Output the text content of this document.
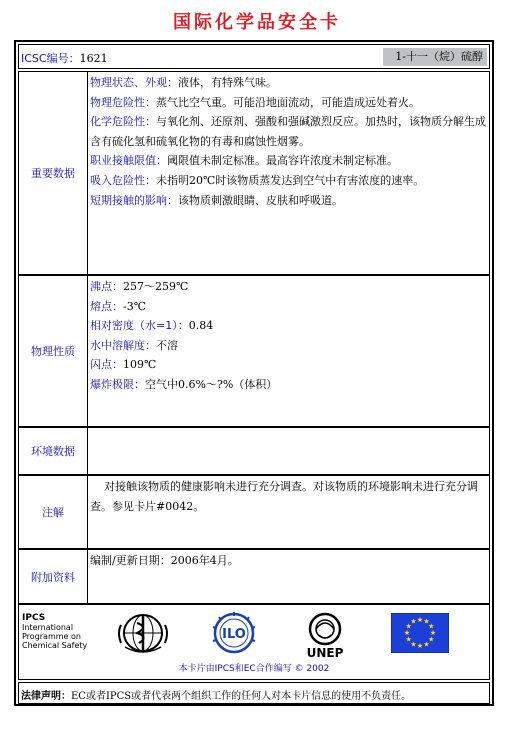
国际化学品安全卡
ICSC编号：1621	1-十一（烷）硫醇
重要数据
物理状态、外观：液体，有特殊气味。
物理危险性：蒸气比空气重。可能沿地面流动，可能造成远处着火。
化学危险性：与氧化剂、还原剂、强酸和强碱激烈反应。加热时，该物质分解生成含有硫化氢和硫氧化物的有毒和腐蚀性烟雾。
职业接触限值：阈限值未制定标准。最高容许浓度未制定标准。
吸入危险性：未指明20℃时该物质蒸发达到空气中有害浓度的速率。
短期接触的影响：该物质刺激眼睛、皮肤和呼吸道。
物理性质
沸点：257～259℃
熔点：-3℃
相对密度（水=1）：0.84
水中溶解度：不溶
闪点：109℃
爆炸极限：空气中0.6%～?%（体积）
环境数据
注解
对接触该物质的健康影响未进行充分调查。对该物质的环境影响未进行充分调查。参见卡片#0042。
附加资料
编制/更新日期：2006年4月。
IPCS
International
Programme on
Chemical Safety
ILO
UNEP
★ ★
★
★
★
★
★
★
★
★
★
★
本卡片由IPCS和EC合作编写 © 2002
法律声明：EC或者IPCS或者代表两个组织工作的任何人对本卡片信息的使用不负责任。
